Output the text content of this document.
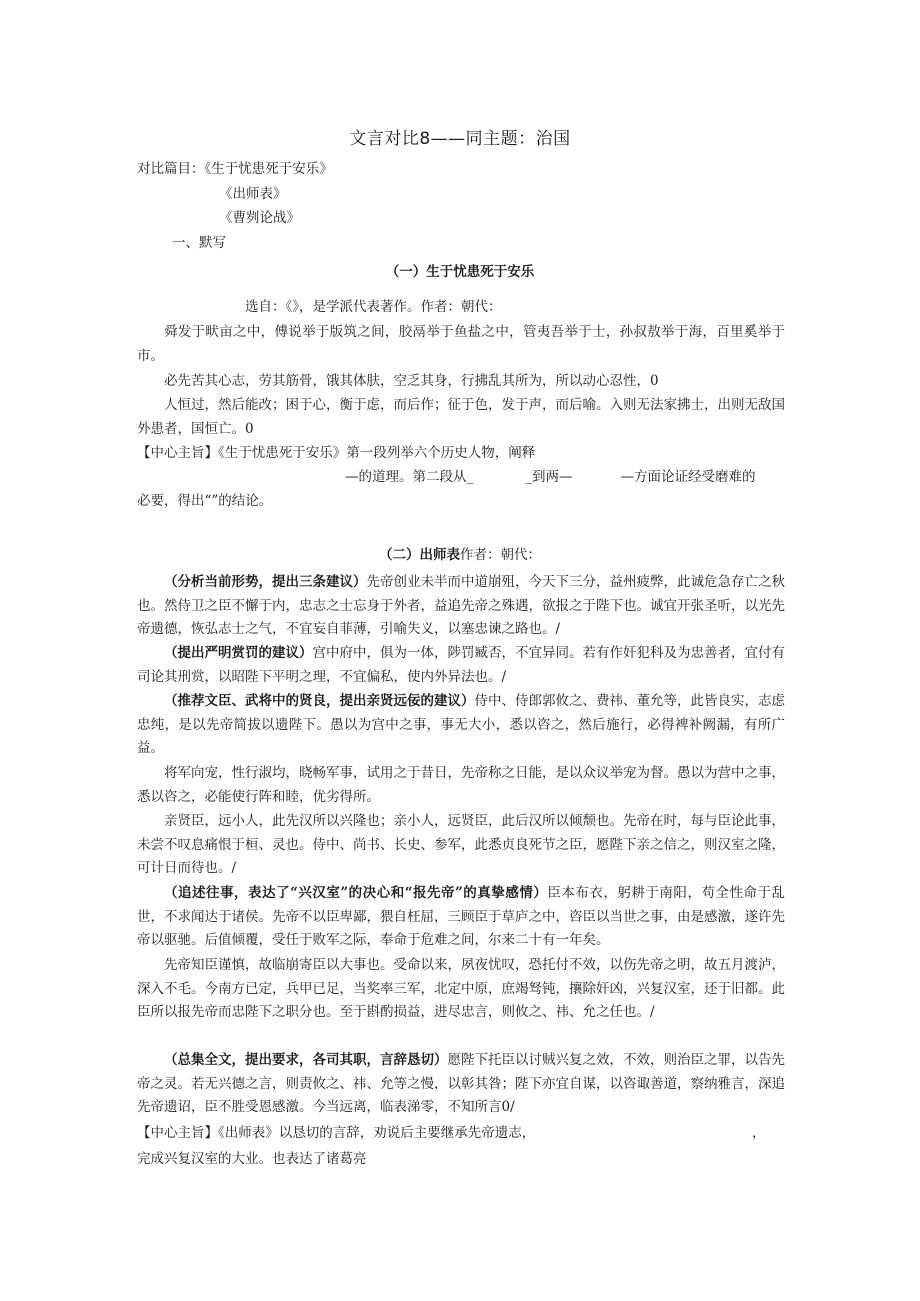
文言对比8——同主题：治国
对比篇目：《生于忧患死于安乐》
《出师表》
《曹刿论战》
一、默写
（一）生于忧患死于安乐
选自：《》，是学派代表著作。作者：朝代：
舜发于畎亩之中，傅说举于版筑之间，胶鬲举于鱼盐之中，管夷吾举于士，孙叔敖举于海，百里奚举于市。
必先苦其心志，劳其筋骨，饿其体肤，空乏其身，行拂乱其所为，所以动心忍性，0
人恒过，然后能改；困于心，衡于虑，而后作；征于色，发于声，而后喻。入则无法家拂士，出则无敌国外患者，国恒亡。0
【中心主旨】《生于忧患死于安乐》第一段列举六个历史人物，阐释
—的道理。第二段从_	_到两—	—方面论证经受磨难的
必要，得出“”的结论。
（二）出师表作者：朝代：
（分析当前形势，提出三条建议）先帝创业未半而中道崩殂，今天下三分，益州疲弊，此诚危急存亡之秋也。然侍卫之臣不懈于内，忠志之士忘身于外者，益追先帝之殊遇，欲报之于陛下也。诚宜开张圣听，以光先帝遗德，恢弘志士之气，不宜妄自菲薄，引喻失义，以塞忠谏之路也。/
（提出严明赏罚的建议）宫中府中，俱为一体，陟罚臧否，不宜异同。若有作奸犯科及为忠善者，宜付有司论其刑赏，以昭陛下平明之理，不宜偏私，使内外异法也。/
（推荐文臣、武将中的贤良，提出亲贤远佞的建议）侍中、侍郎郭攸之、费祎、董允等，此皆良实，志虑忠纯，是以先帝简拔以遗陛下。愚以为宫中之事，事无大小，悉以咨之，然后施行，必得裨补阙漏，有所广益。
将军向宠，性行淑均，晓畅军事，试用之于昔日，先帝称之日能，是以众议举宠为督。愚以为营中之事，悉以咨之，必能使行阵和睦，优劣得所。
亲贤臣，远小人，此先汉所以兴隆也；亲小人，远贤臣，此后汉所以倾颓也。先帝在时，每与臣论此事，未尝不叹息痛恨于桓、灵也。侍中、尚书、长史、参军，此悉贞良死节之臣，愿陛下亲之信之，则汉室之隆，可计日而待也。/
（追述往事，表达了“兴汉室”的决心和“报先帝”的真挚感情）臣本布衣，躬耕于南阳，苟全性命于乱世，不求闻达于诸侯。先帝不以臣卑鄙，猥自枉屈，三顾臣于草庐之中，咨臣以当世之事，由是感激，遂许先帝以驱驰。后值倾覆，受任于败军之际，奉命于危难之间，尔来二十有一年矣。
先帝知臣谨慎，故临崩寄臣以大事也。受命以来，夙夜忧叹，恐托付不效，以伤先帝之明，故五月渡泸，深入不毛。今南方已定，兵甲已足，当奖率三军，北定中原，庶竭驽钝，攘除奸凶，兴复汉室，还于旧都。此臣所以报先帝而忠陛下之职分也。至于斟酌损益，进尽忠言，则攸之、祎、允之任也。/
（总集全文，提出要求，各司其职，言辞恳切）愿陛下托臣以讨贼兴复之效，不效，则治臣之罪，以告先帝之灵。若无兴德之言，则责攸之、祎、允等之慢，以彰其咎；陛下亦宜自谋，以咨诹善道，察纳雅言，深追先帝遗诏，臣不胜受恩感激。今当远离，临表涕零，不知所言0/
【中心主旨】《出师表》以恳切的言辞，劝说后主要继承先帝遗志，	，
完成兴复汉室的大业。也表达了诸葛亮
